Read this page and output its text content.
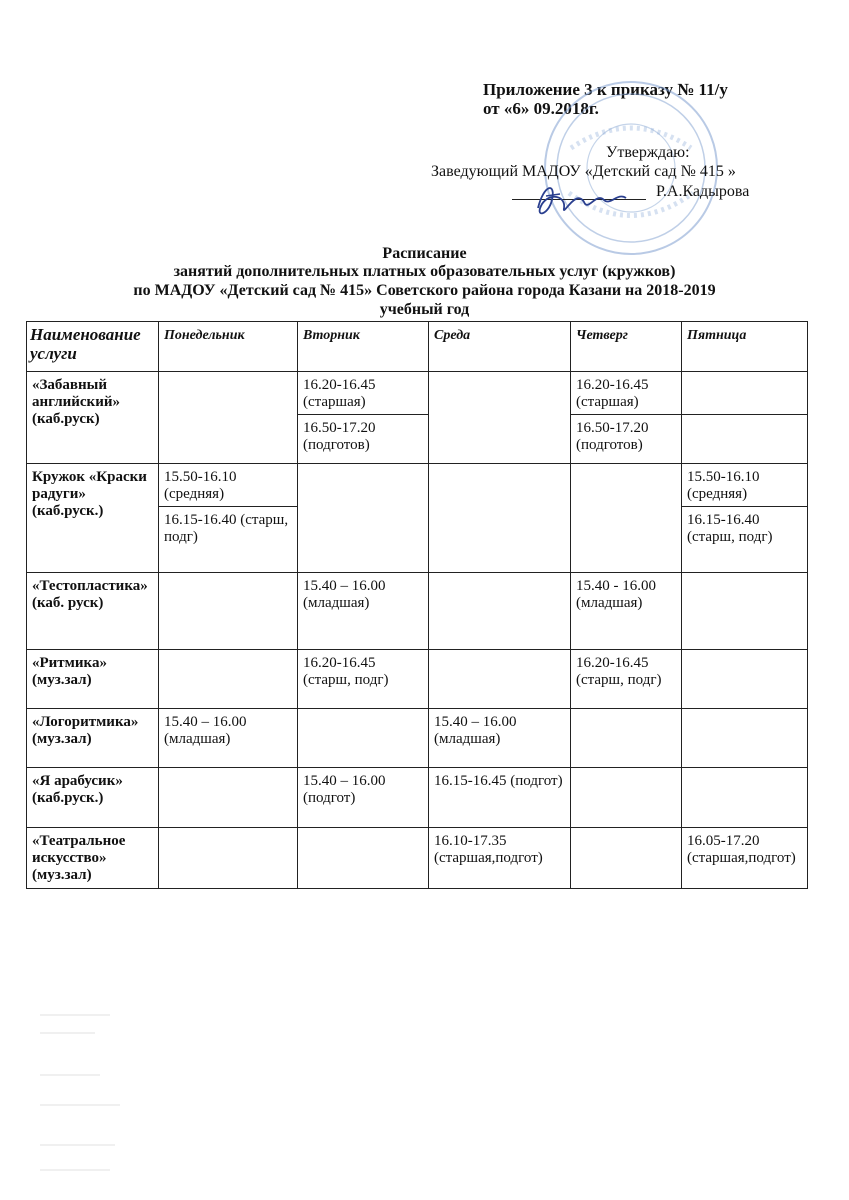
Приложение 3 к приказу № 11/у
от «6» 09.2018г.
Утверждаю:
Заведующий МАДОУ «Детский сад № 415 »
Р.А.Кадырова
Расписание
занятий дополнительных платных образовательных услуг (кружков)
по МАДОУ «Детский сад № 415» Советского района города Казани на 2018-2019
учебный год
Наименование услуги	Понедельник	Вторник	Среда	Четверг	Пятница
«Забавный английский» (каб.руск)		16.20-16.45 (старшая)		16.20-16.45 (старшая)	
		16.50-17.20 (подготов)		16.50-17.20 (подготов)	
Кружок «Краски радуги» (каб.руск.)	15.50-16.10 (средняя)				15.50-16.10 (средняя)
	16.15-16.40 (старш, подг)				16.15-16.40 (старш, подг)
«Тестопластика» (каб. руск)		15.40 – 16.00 (младшая)		15.40 - 16.00 (младшая)	
«Ритмика» (муз.зал)		16.20-16.45 (старш, подг)		16.20-16.45 (старш, подг)	
«Логоритмика» (муз.зал)	15.40 – 16.00 (младшая)		15.40 – 16.00 (младшая)		
«Я арабусик» (каб.руск.)		15.40 – 16.00 (подгот)	16.15-16.45 (подгот)		
«Театральное искусство» (муз.зал)			16.10-17.35 (старшая,подгот)		16.05-17.20 (старшая,подгот)
